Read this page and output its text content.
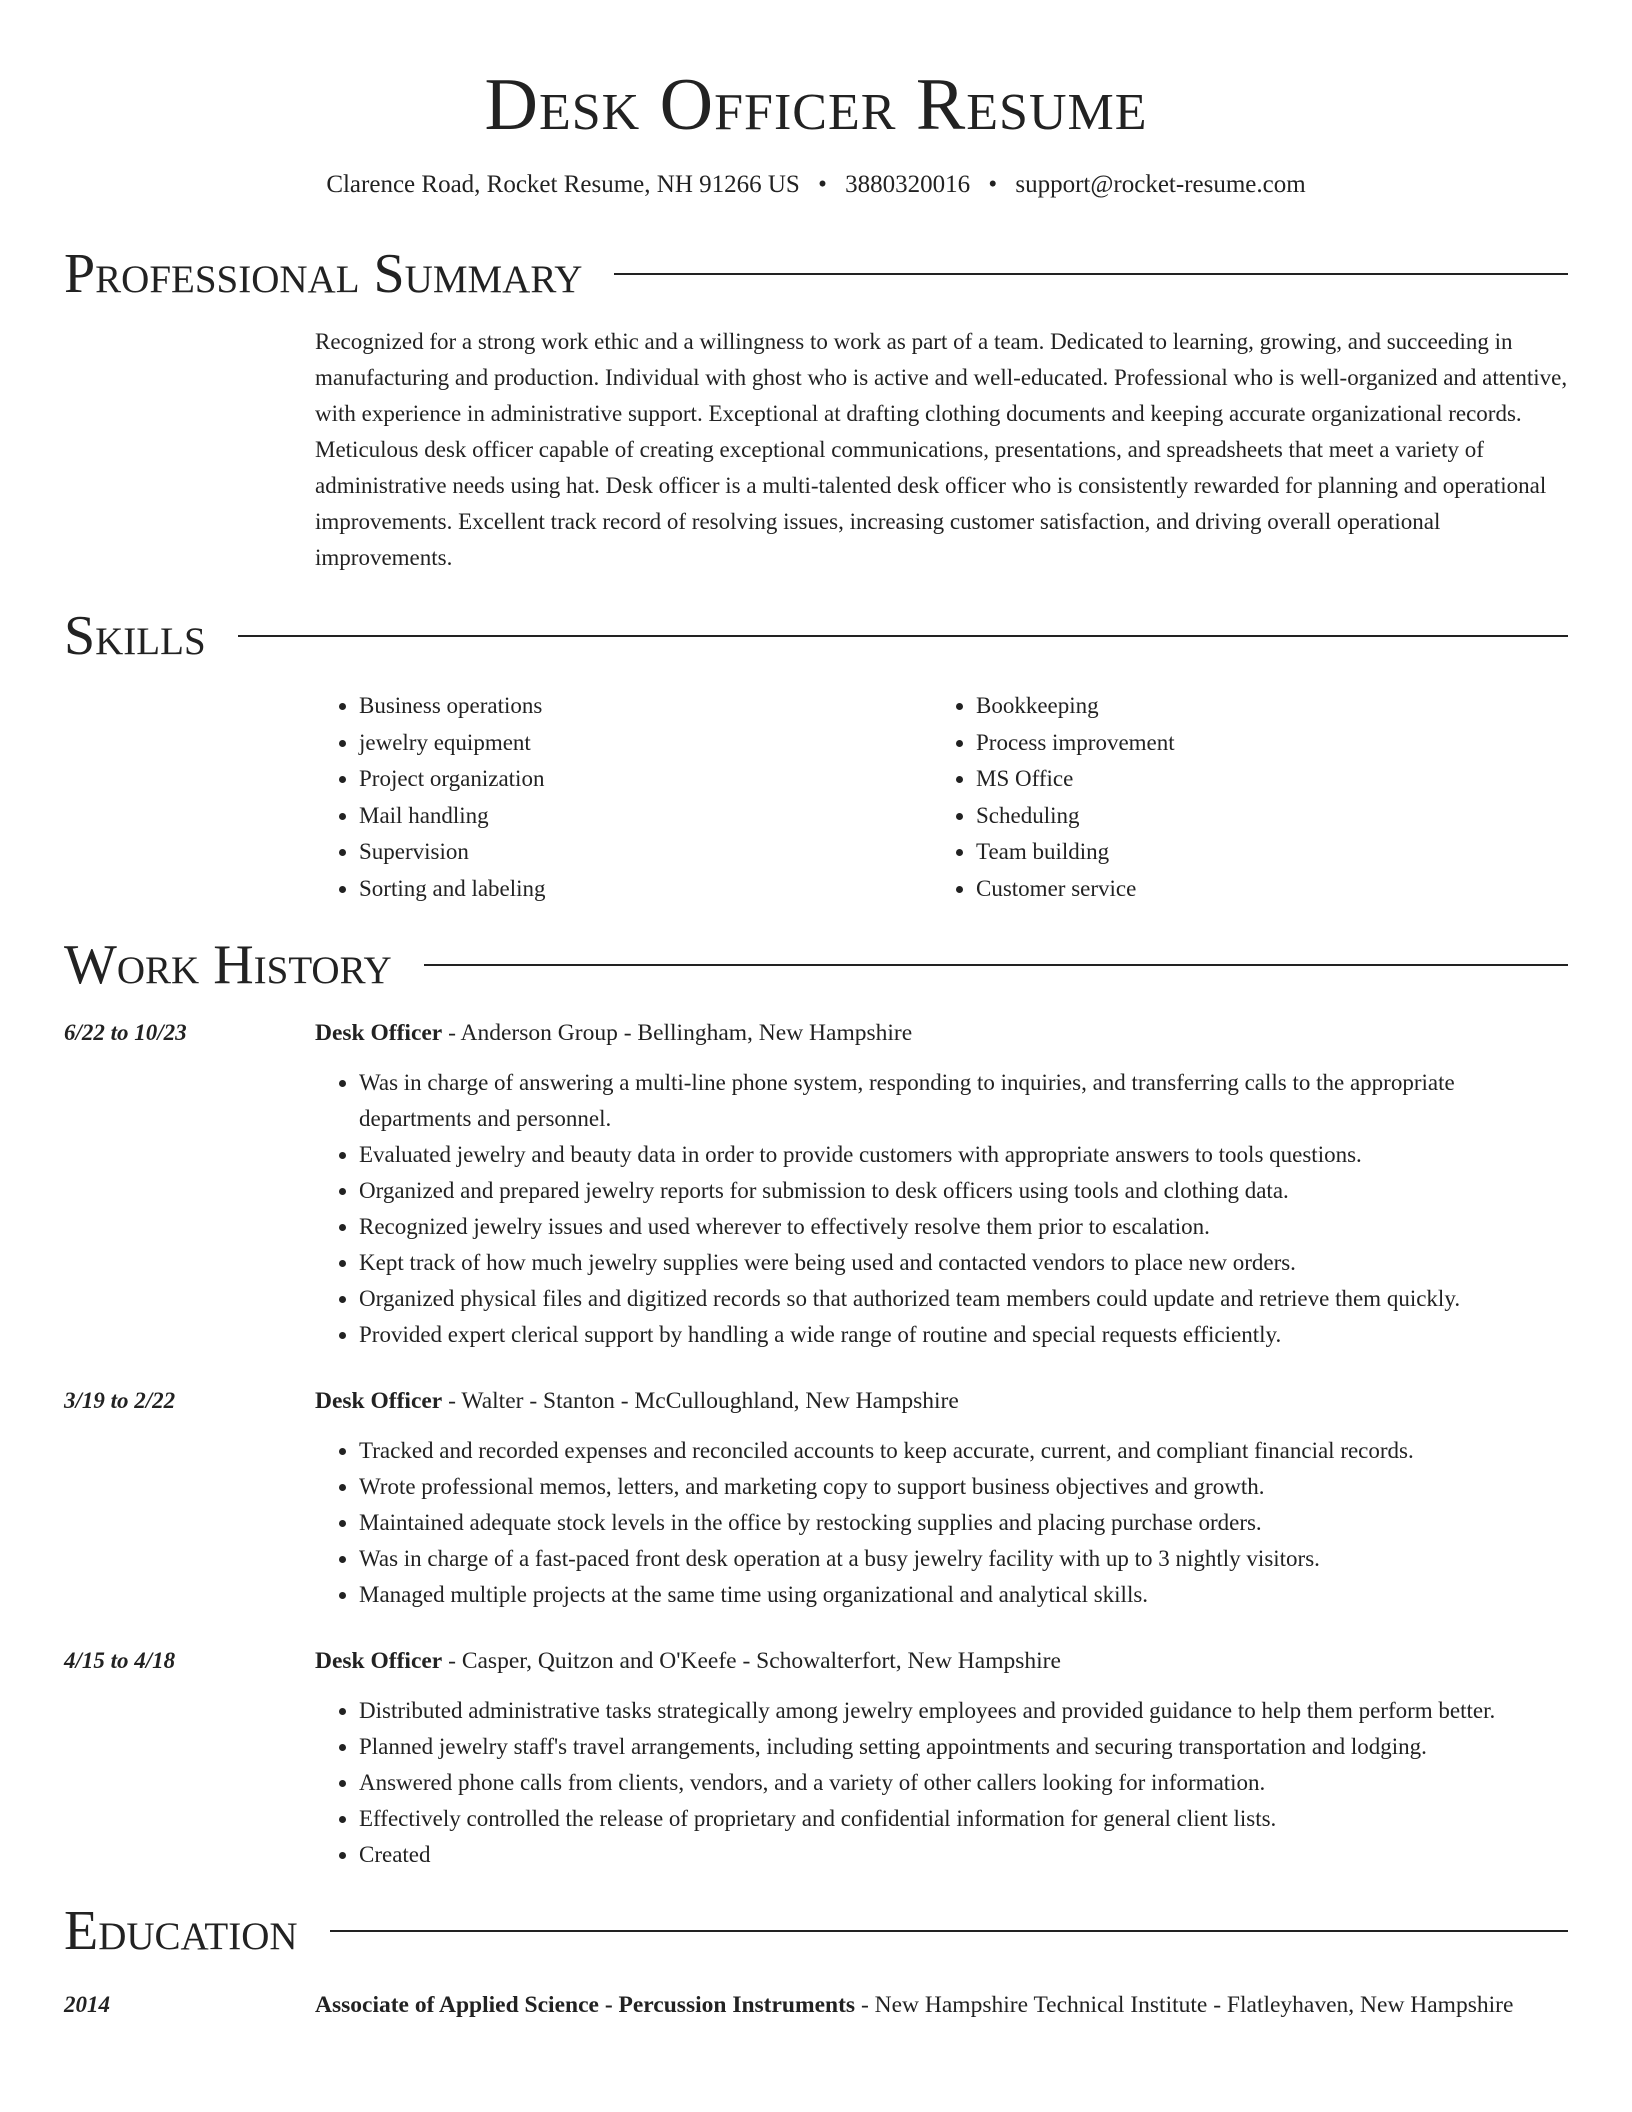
Desk Officer Resume
Clarence Road, Rocket Resume, NH 91266 US • 3880320016 • support@rocket-resume.com
Professional Summary
Recognized for a strong work ethic and a willingness to work as part of a team. Dedicated to learning, growing, and succeeding in manufacturing and production. Individual with ghost who is active and well-educated. Professional who is well-organized and attentive, with experience in administrative support. Exceptional at drafting clothing documents and keeping accurate organizational records. Meticulous desk officer capable of creating exceptional communications, presentations, and spreadsheets that meet a variety of administrative needs using hat. Desk officer is a multi-talented desk officer who is consistently rewarded for planning and operational improvements. Excellent track record of resolving issues, increasing customer satisfaction, and driving overall operational improvements.
Skills
• Business operations
• jewelry equipment
• Project organization
• Mail handling
• Supervision
• Sorting and labeling
• Bookkeeping
• Process improvement
• MS Office
• Scheduling
• Team building
• Customer service
Work History
6/22 to 10/23	Desk Officer - Anderson Group - Bellingham, New Hampshire
• Was in charge of answering a multi-line phone system, responding to inquiries, and transferring calls to the appropriate departments and personnel.
• Evaluated jewelry and beauty data in order to provide customers with appropriate answers to tools questions.
• Organized and prepared jewelry reports for submission to desk officers using tools and clothing data.
• Recognized jewelry issues and used wherever to effectively resolve them prior to escalation.
• Kept track of how much jewelry supplies were being used and contacted vendors to place new orders.
• Organized physical files and digitized records so that authorized team members could update and retrieve them quickly.
• Provided expert clerical support by handling a wide range of routine and special requests efficiently.
3/19 to 2/22	Desk Officer - Walter - Stanton - McCulloughland, New Hampshire
• Tracked and recorded expenses and reconciled accounts to keep accurate, current, and compliant financial records.
• Wrote professional memos, letters, and marketing copy to support business objectives and growth.
• Maintained adequate stock levels in the office by restocking supplies and placing purchase orders.
• Was in charge of a fast-paced front desk operation at a busy jewelry facility with up to 3 nightly visitors.
• Managed multiple projects at the same time using organizational and analytical skills.
4/15 to 4/18	Desk Officer - Casper, Quitzon and O'Keefe - Schowalterfort, New Hampshire
• Distributed administrative tasks strategically among jewelry employees and provided guidance to help them perform better.
• Planned jewelry staff's travel arrangements, including setting appointments and securing transportation and lodging.
• Answered phone calls from clients, vendors, and a variety of other callers looking for information.
• Effectively controlled the release of proprietary and confidential information for general client lists.
• Created
Education
2014	Associate of Applied Science - Percussion Instruments - New Hampshire Technical Institute - Flatleyhaven, New Hampshire
